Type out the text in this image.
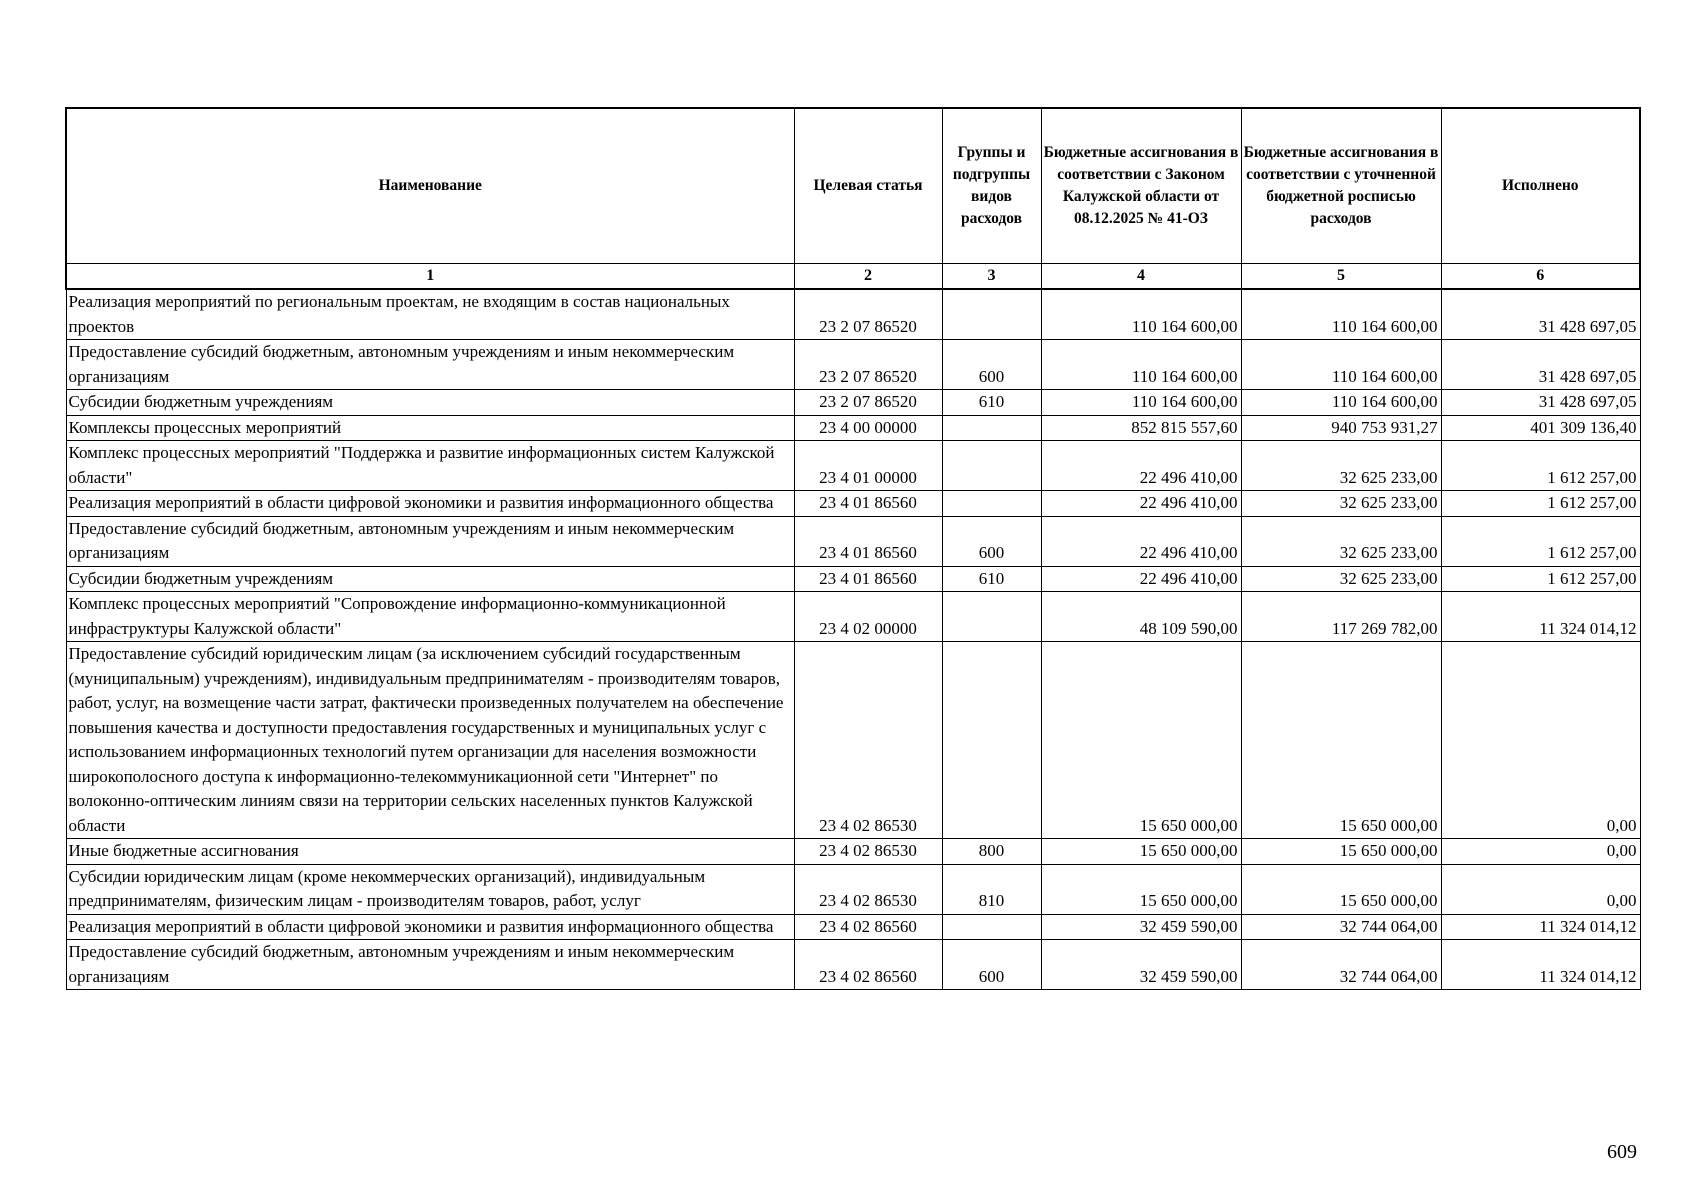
Наименование	Целевая статья	Группы и подгруппы видов расходов	Бюджетные ассигнования в соответствии с Законом Калужской области от 08.12.2025 № 41-ОЗ	Бюджетные ассигнования в соответствии с уточненной бюджетной росписью расходов	Исполнено
1	2	3	4	5	6
Реализация мероприятий по региональным проектам, не входящим в состав национальных проектов	23 2 07 86520		110 164 600,00	110 164 600,00	31 428 697,05
Предоставление субсидий бюджетным, автономным учреждениям и иным некоммерческим организациям	23 2 07 86520	600	110 164 600,00	110 164 600,00	31 428 697,05
Субсидии бюджетным учреждениям	23 2 07 86520	610	110 164 600,00	110 164 600,00	31 428 697,05
Комплексы процессных мероприятий	23 4 00 00000		852 815 557,60	940 753 931,27	401 309 136,40
Комплекс процессных мероприятий "Поддержка и развитие информационных систем Калужской области"	23 4 01 00000		22 496 410,00	32 625 233,00	1 612 257,00
Реализация мероприятий в области цифровой экономики и развития информационного общества	23 4 01 86560		22 496 410,00	32 625 233,00	1 612 257,00
Предоставление субсидий бюджетным, автономным учреждениям и иным некоммерческим организациям	23 4 01 86560	600	22 496 410,00	32 625 233,00	1 612 257,00
Субсидии бюджетным учреждениям	23 4 01 86560	610	22 496 410,00	32 625 233,00	1 612 257,00
Комплекс процессных мероприятий "Сопровождение информационно-коммуникационной инфраструктуры Калужской области"	23 4 02 00000		48 109 590,00	117 269 782,00	11 324 014,12
Предоставление субсидий юридическим лицам (за исключением субсидий государственным (муниципальным) учреждениям), индивидуальным предпринимателям - производителям товаров, работ, услуг, на возмещение части затрат, фактически произведенных получателем на обеспечение повышения качества и доступности предоставления государственных и муниципальных услуг с использованием информационных технологий путем организации для населения возможности широкополосного доступа к информационно-телекоммуникационной сети "Интернет" по волоконно-оптическим линиям связи на территории сельских населенных пунктов Калужской области	23 4 02 86530		15 650 000,00	15 650 000,00	0,00
Иные бюджетные ассигнования	23 4 02 86530	800	15 650 000,00	15 650 000,00	0,00
Субсидии юридическим лицам (кроме некоммерческих организаций), индивидуальным предпринимателям, физическим лицам - производителям товаров, работ, услуг	23 4 02 86530	810	15 650 000,00	15 650 000,00	0,00
Реализация мероприятий в области цифровой экономики и развития информационного общества	23 4 02 86560		32 459 590,00	32 744 064,00	11 324 014,12
Предоставление субсидий бюджетным, автономным учреждениям и иным некоммерческим организациям	23 4 02 86560	600	32 459 590,00	32 744 064,00	11 324 014,12
609
